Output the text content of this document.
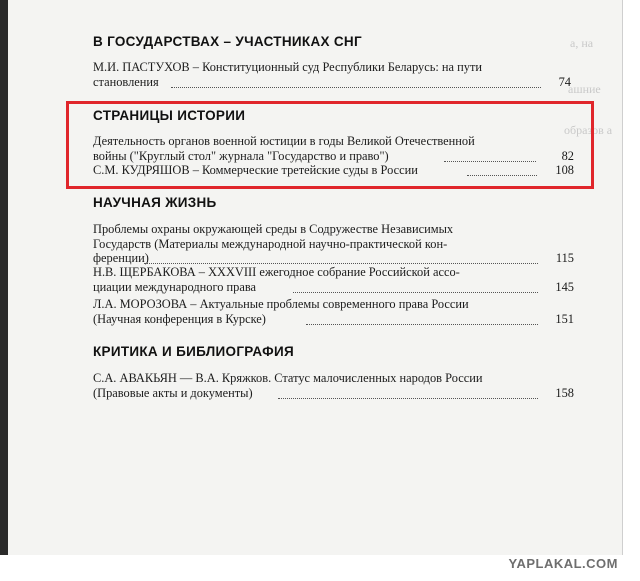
а, на
ашние
образов а
В ГОСУДАРСТВАХ – УЧАСТНИКАХ СНГ
М.И. ПАСТУХОВ – Конституционный суд Республики Беларусь: на пути
становления	74
СТРАНИЦЫ ИСТОРИИ
Деятельность органов военной юстиции в годы Великой Отечественной
войны ("Круглый стол" журнала "Государство и право")	82
С.М. КУДРЯШОВ – Коммерческие третейские суды в России	108
НАУЧНАЯ ЖИЗНЬ
Проблемы охраны окружающей среды в Содружестве Независимых
Государств (Материалы международной научно-практической кон-
ференции)	115
Н.В. ЩЕРБАКОВА – XXXVIII ежегодное собрание Российской ассо-
циации международного права	145
Л.А. МОРОЗОВА – Актуальные проблемы современного права России
(Научная конференция в Курске)	151
КРИТИКА И БИБЛИОГРАФИЯ
С.А. АВАКЬЯН — В.А. Кряжков. Статус малочисленных народов России
(Правовые акты и документы)	158
YAPLAKAL.COM
